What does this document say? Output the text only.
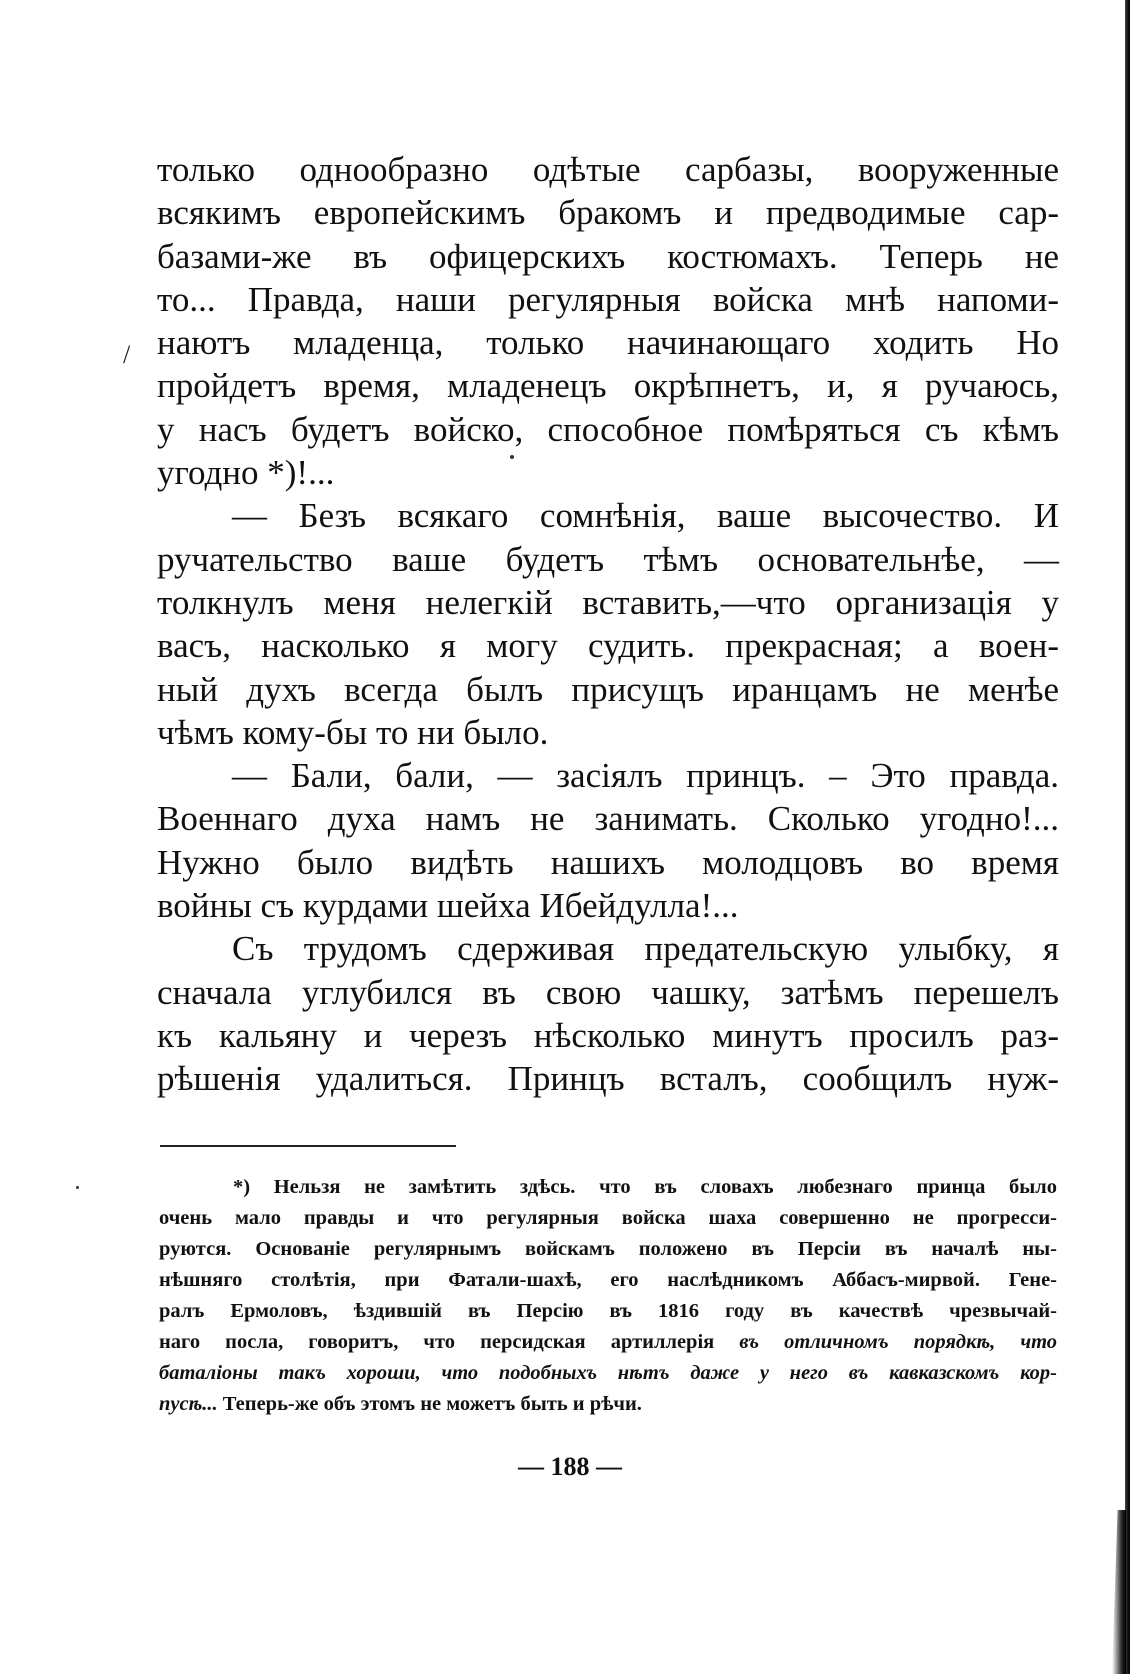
/
только однообразно одѣтые сарбазы, вооруженные
всякимъ европейскимъ бракомъ и предводимые сар-
базами-же въ офицерскихъ костюмахъ. Теперь не
то... Правда, наши регулярныя войска мнѣ напоми-
наютъ младенца, только начинающаго ходить Но
пройдетъ время, младенецъ окрѣпнетъ, и, я ручаюсь,
у насъ будетъ войско, способное помѣряться съ кѣмъ
угодно *)!...
— Безъ всякаго сомнѣнія, ваше высочество. И
ручательство ваше будетъ тѣмъ основательнѣе, —
толкнулъ меня нелегкій вставить,—что организація у
васъ, насколько я могу судить. прекрасная; а воен-
ный духъ всегда былъ присущъ иранцамъ не менѣе
чѣмъ кому-бы то ни было.
— Бали, бали, — засіялъ принцъ. – Это правда.
Военнаго духа намъ не занимать. Сколько угодно!...
Нужно было видѣть нашихъ молодцовъ во время
войны съ курдами шейха Ибейдулла!...
Съ трудомъ сдерживая предательскую улыбку, я
сначала углубился въ свою чашку, затѣмъ перешелъ
къ кальяну и черезъ нѣсколько минутъ просилъ раз-
рѣшенія удалиться. Принцъ всталъ, сообщилъ нуж-
*) Нельзя не замѣтить здѣсь. что въ словахъ любезнаго принца было
очень мало правды и что регулярныя войска шаха совершенно не прогресси-
руются. Основаніе регулярнымъ войскамъ положено въ Персіи въ началѣ ны-
нѣшняго столѣтія, при Фатали-шахѣ, его наслѣдникомъ Аббасъ-мирвой. Гене-
ралъ Ермоловъ, ѣздившій въ Персію въ 1816 году въ качествѣ чрезвычай-
наго посла, говоритъ, что персидская артиллерія въ отличномъ порядкѣ, что
баталіоны такъ хороши, что подобныхъ нѣтъ даже у него въ кавказскомъ кор-
пусѣ... Теперь-же объ этомъ не можетъ быть и рѣчи.
— 188 —
